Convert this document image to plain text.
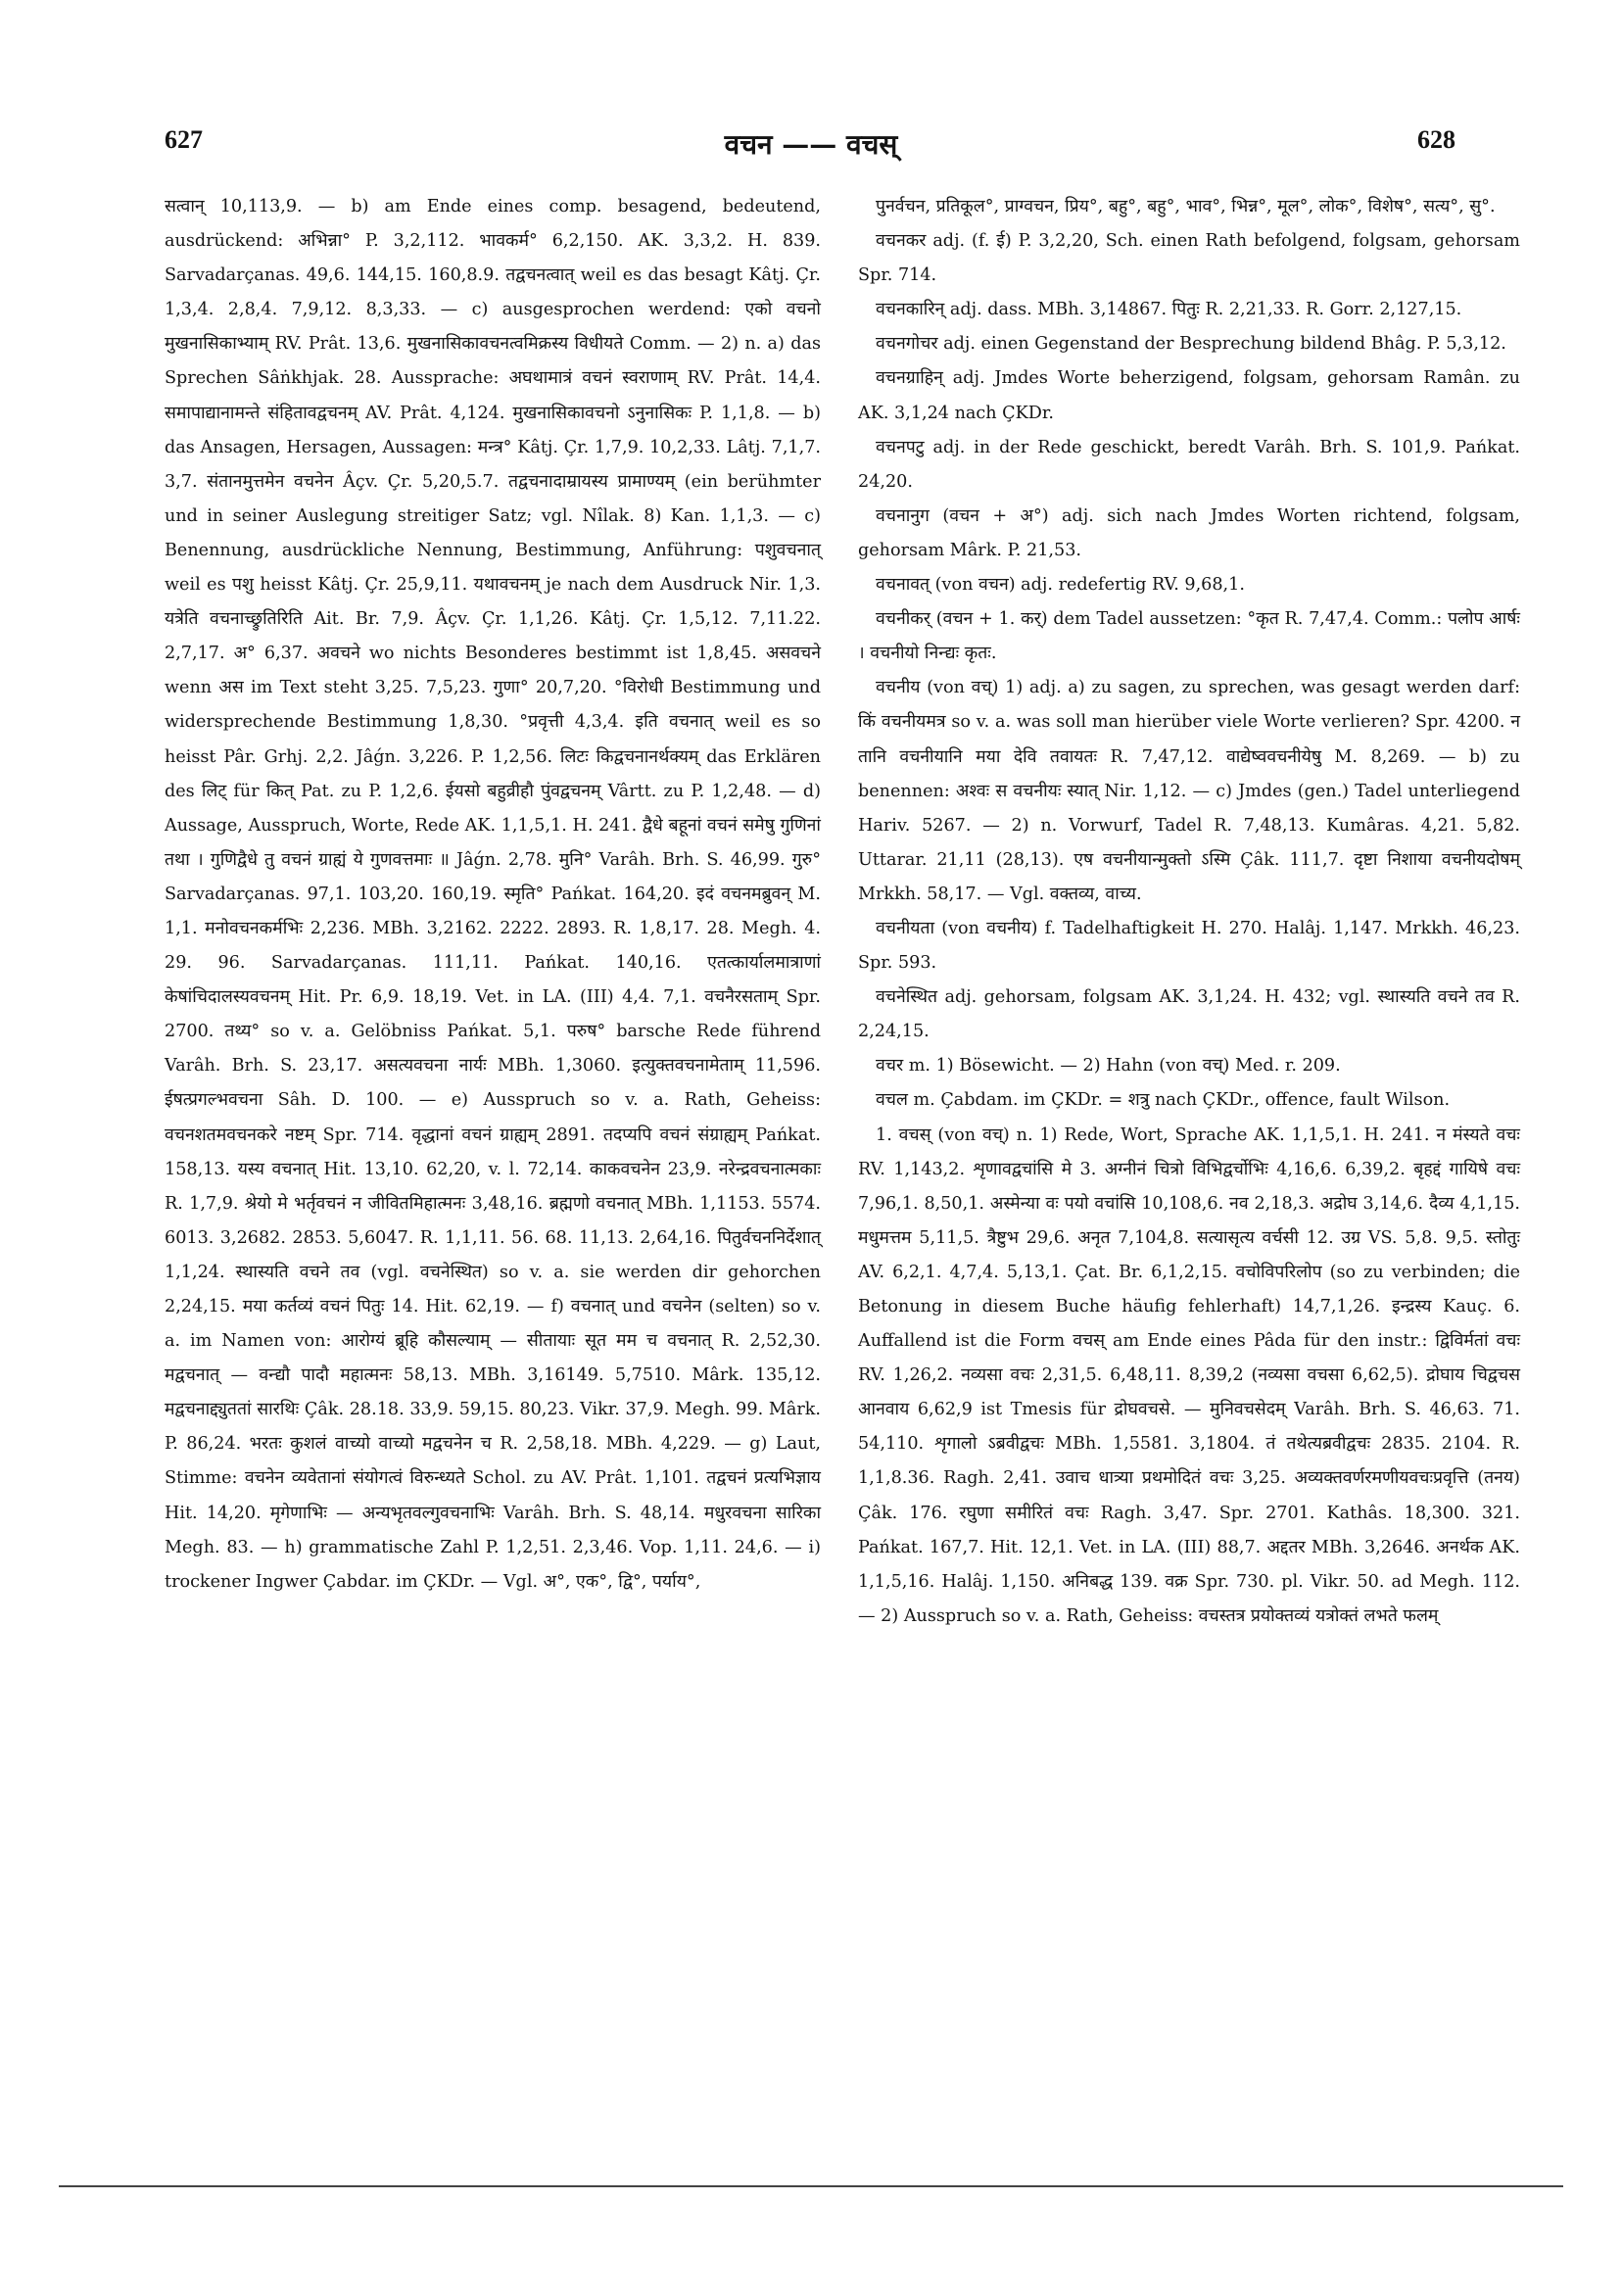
627	वचन —— वचस्	628

सत्वान् 10,113,9. — b) am Ende eines comp. besagend, bedeutend, ausdrückend: अभिन्ना° P. 3,2,112. भावकर्म° 6,2,150. AK. 3,3,2. H. 839. Sarvadarçanas. 49,6. 144,15. 160,8.9. तद्वचनत्वात् weil es das besagt Kâtj. Çr. 1,3,4. 2,8,4. 7,9,12. 8,3,33. — c) ausgesprochen werdend: एको वचनो मुखनासिकाभ्याम् RV. Prât. 13,6. मुखनासिकावचनत्वमिक्रस्य विधीयते Comm. — 2) n. a) das Sprechen Sâṅkhjak. 28. Aussprache: अघथामात्रं वचनं स्वराणाम् RV. Prât. 14,4. समापाद्यानामन्ते संहितावद्वचनम् AV. Prât. 4,124. मुखनासिकावचनो ऽनुनासिकः P. 1,1,8. — b) das Ansagen, Hersagen, Aussagen: मन्त्र° Kâtj. Çr. 1,7,9. 10,2,33. Lâtj. 7,1,7. 3,7. संतानमुत्तमेन वचनेन Âçv. Çr. 5,20,5.7. तद्वचनादाम्रायस्य प्रामाण्यम् (ein berühmter und in seiner Auslegung streitiger Satz; vgl. Nîlak. 8) Kan. 1,1,3. — c) Benennung, ausdrückliche Nennung, Bestimmung, Anführung: पशुवचनात् weil es पशु heisst Kâtj. Çr. 25,9,11. यथावचनम् je nach dem Ausdruck Nir. 1,3. यत्रेति वचनाच्छ्रुतिरिति Ait. Br. 7,9. Âçv. Çr. 1,1,26. Kâtj. Çr. 1,5,12. 7,11.22. 2,7,17. अ° 6,37. अवचने wo nichts Besonderes bestimmt ist 1,8,45. असवचने wenn अस im Text steht 3,25. 7,5,23. गुणा° 20,7,20. °विरोधी Bestimmung und widersprechende Bestimmung 1,8,30. °प्रवृत्ती 4,3,4. इति वचनात् weil es so heisst Pâr. Grhj. 2,2. Jâǵn. 3,226. P. 1,2,56. लिटः किद्वचनानर्थक्यम् das Erklären des लिट् für कित् Pat. zu P. 1,2,6. ईयसो बहुव्रीहौ पुंवद्वचनम् Vârtt. zu P. 1,2,48. — d) Aussage, Ausspruch, Worte, Rede AK. 1,1,5,1. H. 241. द्वैधे बहूनां वचनं समेषु गुणिनां तथा । गुणिद्वैधे तु वचनं ग्राह्यं ये गुणवत्तमाः ॥ Jâǵn. 2,78. मुनि° Varâh. Brh. S. 46,99. गुरु° Sarvadarçanas. 97,1. 103,20. 160,19. स्मृति° Pańkat. 164,20. इदं वचनमब्रुवन् M. 1,1. मनोवचनकर्मभिः 2,236. MBh. 3,2162. 2222. 2893. R. 1,8,17. 28. Megh. 4. 29. 96. Sarvadarçanas. 111,11. Pańkat. 140,16. एतत्कार्यालमात्राणां केषांचिदालस्यवचनम् Hit. Pr. 6,9. 18,19. Vet. in LA. (III) 4,4. 7,1. वचनैरसताम् Spr. 2700. तथ्य° so v. a. Gelöbniss Pańkat. 5,1. परुष° barsche Rede führend Varâh. Brh. S. 23,17. असत्यवचना नार्यः MBh. 1,3060. इत्युक्तवचनामेताम् 11,596. ईषत्प्रगल्भवचना Sâh. D. 100. — e) Ausspruch so v. a. Rath, Geheiss: वचनशतमवचनकरे नष्टम् Spr. 714. वृद्धानां वचनं ग्राह्यम् 2891. तदप्यपि वचनं संग्राह्यम् Pańkat. 158,13. यस्य वचनात् Hit. 13,10. 62,20, v. l. 72,14. काकवचनेन 23,9. नरेन्द्रवचनात्मकाः R. 1,7,9. श्रेयो मे भर्तृवचनं न जीवितमिहात्मनः 3,48,16. ब्रह्मणो वचनात् MBh. 1,1153. 5574. 6013. 3,2682. 2853. 5,6047. R. 1,1,11. 56. 68. 11,13. 2,64,16. पितुर्वचननिर्देशात् 1,1,24. स्थास्यति वचने तव (vgl. वचनेस्थित) so v. a. sie werden dir gehorchen 2,24,15. मया कर्तव्यं वचनं पितुः 14. Hit. 62,19. — f) वचनात् und वचनेन (selten) so v. a. im Namen von: आरोग्यं ब्रूहि कौसल्याम् — सीतायाः सूत मम च वचनात् R. 2,52,30. मद्वचनात् — वन्द्यौ पादौ महात्मनः 58,13. MBh. 3,16149. 5,7510. Mârk. 135,12. मद्वचनाद्द्युततां सारथिः Çâk. 28.18. 33,9. 59,15. 80,23. Vikr. 37,9. Megh. 99. Mârk. P. 86,24. भरतः कुशलं वाच्यो वाच्यो मद्वचनेन च R. 2,58,18. MBh. 4,229. — g) Laut, Stimme: वचनेन व्यवेतानां संयोगत्वं विरुन्ध्यते Schol. zu AV. Prât. 1,101. तद्वचनं प्रत्यभिज्ञाय Hit. 14,20. मृगेणाभिः — अन्यभृतवल्गुवचनाभिः Varâh. Brh. S. 48,14. मधुरवचना सारिका Megh. 83. — h) grammatische Zahl P. 1,2,51. 2,3,46. Vop. 1,11. 24,6. — i) trockener Ingwer Çabdar. im ÇKDr. — Vgl. अ°, एक°, द्वि°, पर्याय°,

पुनर्वचन, प्रतिकूल°, प्राग्वचन, प्रिय°, बहु°, बहु°, भाव°, भिन्न°, मूल°, लोक°, विशेष°, सत्य°, सु°.

वचनकर adj. (f. ई) P. 3,2,20, Sch. einen Rath befolgend, folgsam, gehorsam Spr. 714.

वचनकारिन् adj. dass. MBh. 3,14867. पितुः R. 2,21,33. R. Gorr. 2,127,15.

वचनगोचर adj. einen Gegenstand der Besprechung bildend Bhâg. P. 5,3,12.

वचनग्राहिन् adj. Jmdes Worte beherzigend, folgsam, gehorsam Ramân. zu AK. 3,1,24 nach ÇKDr.

वचनपटु adj. in der Rede geschickt, beredt Varâh. Brh. S. 101,9. Pańkat. 24,20.

वचनानुग (वचन + अ°) adj. sich nach Jmdes Worten richtend, folgsam, gehorsam Mârk. P. 21,53.

वचनावत् (von वचन) adj. redefertig RV. 9,68,1.

वचनीकर् (वचन + 1. कर्) dem Tadel aussetzen: °कृत R. 7,47,4. Comm.: पलोप आर्षः । वचनीयो निन्द्यः कृतः.

वचनीय (von वच्) 1) adj. a) zu sagen, zu sprechen, was gesagt werden darf: किं वचनीयमत्र so v. a. was soll man hierüber viele Worte verlieren? Spr. 4200. न तानि वचनीयानि मया देवि तवायतः R. 7,47,12. वाद्येष्ववचनीयेषु M. 8,269. — b) zu benennen: अश्वः स वचनीयः स्यात् Nir. 1,12. — c) Jmdes (gen.) Tadel unterliegend Hariv. 5267. — 2) n. Vorwurf, Tadel R. 7,48,13. Kumâras. 4,21. 5,82. Uttarar. 21,11 (28,13). एष वचनीयान्मुक्तो ऽस्मि Çâk. 111,7. दृष्टा निशाया वचनीयदोषम् Mrkkh. 58,17. — Vgl. वक्तव्य, वाच्य.

वचनीयता (von वचनीय) f. Tadelhaftigkeit H. 270. Halâj. 1,147. Mrkkh. 46,23. Spr. 593.

वचनेस्थित adj. gehorsam, folgsam AK. 3,1,24. H. 432; vgl. स्थास्यति वचने तव R. 2,24,15.

वचर m. 1) Bösewicht. — 2) Hahn (von वच्) Med. r. 209.

वचल m. Çabdam. im ÇKDr. = शत्रु nach ÇKDr., offence, fault Wilson.

1. वचस् (von वच्) n. 1) Rede, Wort, Sprache AK. 1,1,5,1. H. 241. न मंस्यते वचः RV. 1,143,2. शृणावद्वचांसि मे 3. अग्नीनं चित्रो विभिद्वर्चोभिः 4,16,6. 6,39,2. बृहद्दं गायिषे वचः 7,96,1. 8,50,1. अस्मेन्या वः पयो वचांसि 10,108,6. नव 2,18,3. अद्रोघ 3,14,6. दैव्य 4,1,15. मधुमत्तम 5,11,5. त्रैष्टुभ 29,6. अनृत 7,104,8. सत्यासृत्य वर्चसी 12. उग्र VS. 5,8. 9,5. स्तोतुः AV. 6,2,1. 4,7,4. 5,13,1. Çat. Br. 6,1,2,15. वचोविपरिलोप (so zu verbinden; die Betonung in diesem Buche häufig fehlerhaft) 14,7,1,26. इन्द्रस्य Kauç. 6. Auffallend ist die Form वचस् am Ende eines Pâda für den instr.: द्विविर्मतां वचः RV. 1,26,2. नव्यसा वचः 2,31,5. 6,48,11. 8,39,2 (नव्यसा वचसा 6,62,5). द्रोघाय चिद्वचस आनवाय 6,62,9 ist Tmesis für द्रोघवचसे. — मुनिवचसेदम् Varâh. Brh. S. 46,63. 71. 54,110. शृगालो ऽब्रवीद्वचः MBh. 1,5581. 3,1804. तं तथेत्यब्रवीद्वचः 2835. 2104. R. 1,1,8.36. Ragh. 2,41. उवाच धात्र्या प्रथमोदितं वचः 3,25. अव्यक्तवर्णरमणीयवचःप्रवृत्ति (तनय) Çâk. 176. रघुणा समीरितं वचः Ragh. 3,47. Spr. 2701. Kathâs. 18,300. 321. Pańkat. 167,7. Hit. 12,1. Vet. in LA. (III) 88,7. अद्दतर MBh. 3,2646. अनर्थक AK. 1,1,5,16. Halâj. 1,150. अनिबद्ध 139. वक्र Spr. 730. pl. Vikr. 50. ad Megh. 112. — 2) Ausspruch so v. a. Rath, Geheiss: वचस्तत्र प्रयोक्तव्यं यत्रोक्तं लभते फलम्
